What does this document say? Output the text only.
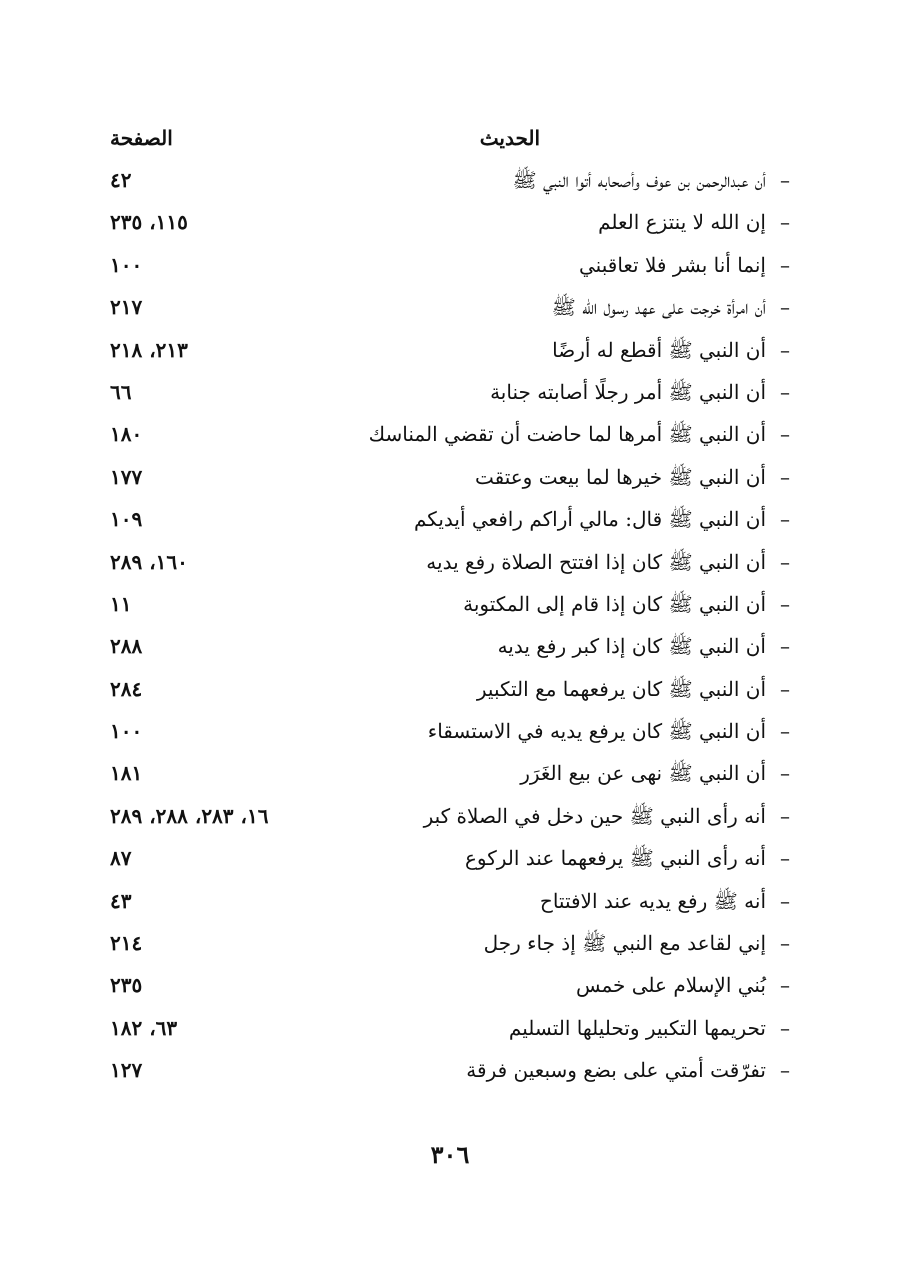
الحديث
الصفحة
–
أن عبدالرحمن بن عوف وأصحابه أتوا النبي ﷺ
٤٢
–
إن الله لا ينتزع العلم
١١٥، ٢٣٥
–
إنما أنا بشر فلا تعاقبني
١٠٠
–
أن امرأة خرجت على عهد رسول الله ﷺ
٢١٧
–
أن النبي ﷺ أقطع له أرضًا
٢١٣، ٢١٨
–
أن النبي ﷺ أمر رجلًا أصابته جنابة
٦٦
–
أن النبي ﷺ أمرها لما حاضت أن تقضي المناسك
١٨٠
–
أن النبي ﷺ خيرها لما بيعت وعتقت
١٧٧
–
أن النبي ﷺ قال: مالي أراكم رافعي أيديكم
١٠٩
–
أن النبي ﷺ كان إذا افتتح الصلاة رفع يديه
١٦٠، ٢٨٩
–
أن النبي ﷺ كان إذا قام إلى المكتوبة
١١
–
أن النبي ﷺ كان إذا كبر رفع يديه
٢٨٨
–
أن النبي ﷺ كان يرفعهما مع التكبير
٢٨٤
–
أن النبي ﷺ كان يرفع يديه في الاستسقاء
١٠٠
–
أن النبي ﷺ نهى عن بيع الغَرَر
١٨١
–
أنه رأى النبي ﷺ حين دخل في الصلاة كبر
١٦، ٢٨٣، ٢٨٨، ٢٨٩
–
أنه رأى النبي ﷺ يرفعهما عند الركوع
٨٧
–
أنه ﷺ رفع يديه عند الافتتاح
٤٣
–
إني لقاعد مع النبي ﷺ إذ جاء رجل
٢١٤
–
بُني الإسلام على خمس
٢٣٥
–
تحريمها التكبير وتحليلها التسليم
٦٣، ١٨٢
–
تفرّقت أمتي على بضع وسبعين فرقة
١٢٧
٣٠٦
